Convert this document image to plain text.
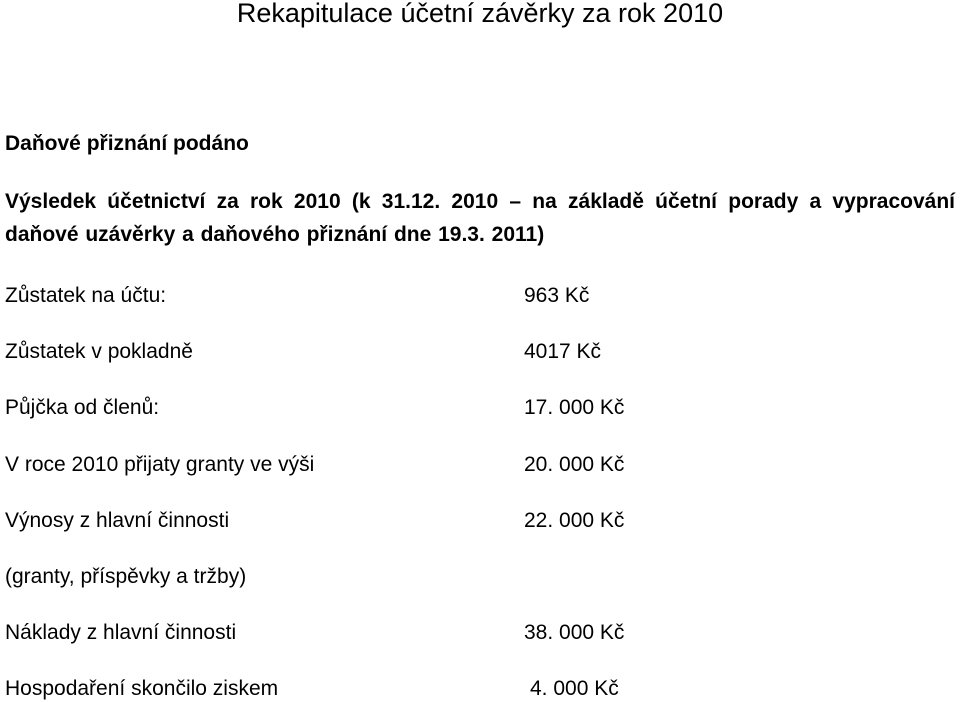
Rekapitulace účetní závěrky za rok 2010
Daňové přiznání podáno
Výsledek účetnictví za rok 2010 (k 31.12. 2010 – na základě účetní porady a vypracování daňové uzávěrky a daňového přiznání dne 19.3. 2011)
Zůstatek na účtu:	963 Kč
Zůstatek v pokladně	4017 Kč
Půjčka od členů:	17. 000 Kč
V roce 2010 přijaty granty ve výši	20. 000 Kč
Výnosy z hlavní činnosti	22. 000 Kč
(granty, příspěvky a tržby)
Náklady z hlavní činnosti	38. 000 Kč
Hospodaření skončilo ziskem	4. 000 Kč
